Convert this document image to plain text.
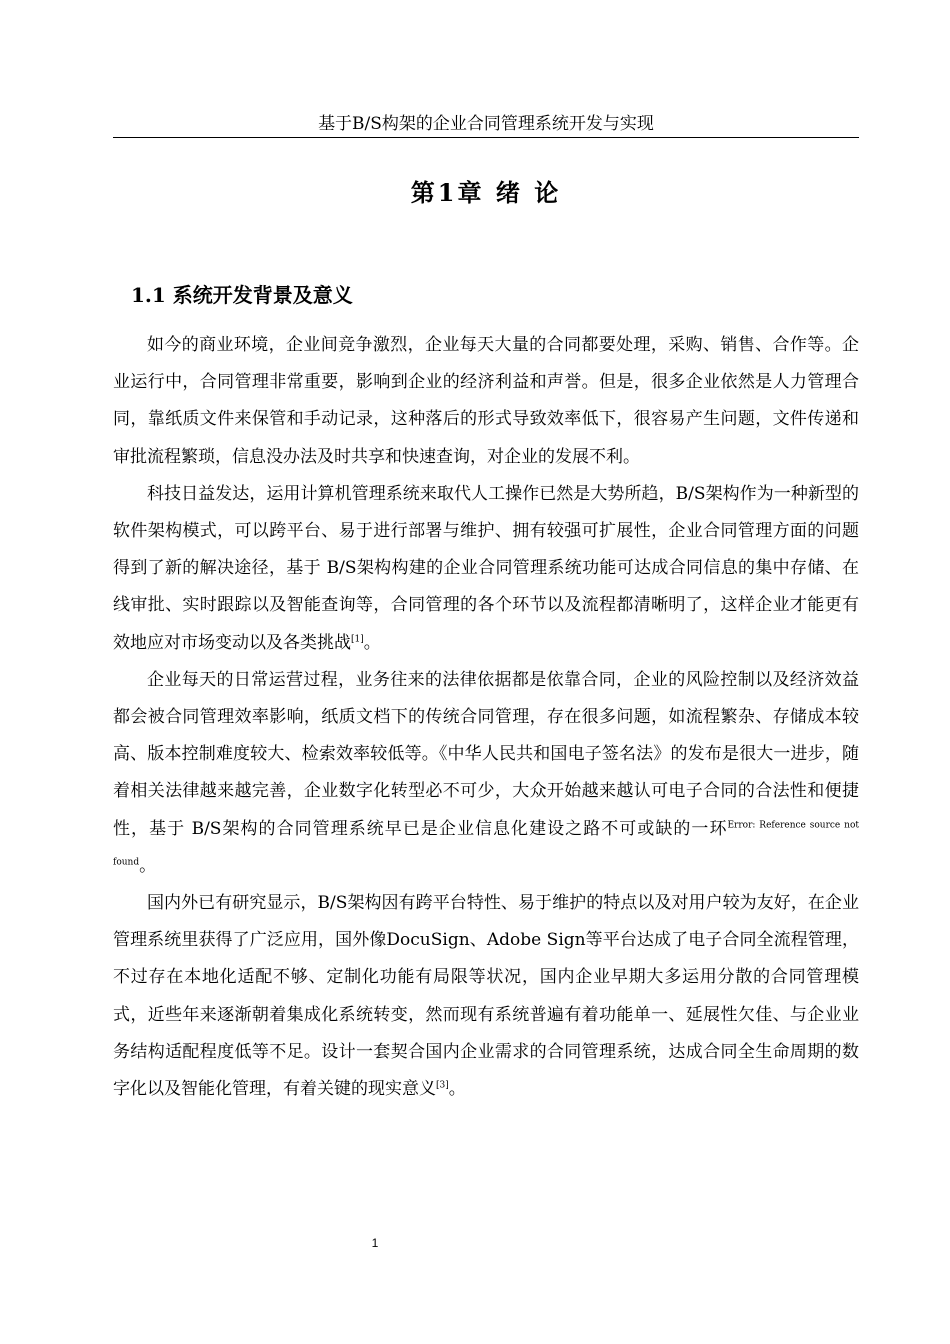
基于B/S构架的企业合同管理系统开发与实现
第1章 绪 论
1.1 系统开发背景及意义

如今的商业环境，企业间竞争激烈，企业每天大量的合同都要处理，采购、销售、合作等。企业运行中，合同管理非常重要，影响到企业的经济利益和声誉。但是，很多企业依然是人力管理合同，靠纸质文件来保管和手动记录，这种落后的形式导致效率低下，很容易产生问题，文件传递和审批流程繁琐，信息没办法及时共享和快速查询，对企业的发展不利。

科技日益发达，运用计算机管理系统来取代人工操作已然是大势所趋，B/S架构作为一种新型的软件架构模式，可以跨平台、易于进行部署与维护、拥有较强可扩展性，企业合同管理方面的问题得到了新的解决途径，基于 B/S架构构建的企业合同管理系统功能可达成合同信息的集中存储、在线审批、实时跟踪以及智能查询等，合同管理的各个环节以及流程都清晰明了，这样企业才能更有效地应对市场变动以及各类挑战[1]。

企业每天的日常运营过程，业务往来的法律依据都是依靠合同，企业的风险控制以及经济效益都会被合同管理效率影响，纸质文档下的传统合同管理，存在很多问题，如流程繁杂、存储成本较高、版本控制难度较大、检索效率较低等。《中华人民共和国电子签名法》的发布是很大一进步，随着相关法律越来越完善，企业数字化转型必不可少，大众开始越来越认可电子合同的合法性和便捷性，基于 B/S架构的合同管理系统早已是企业信息化建设之路不可或缺的一环$^{Error: Reference source not found}$。

国内外已有研究显示，B/S架构因有跨平台特性、易于维护的特点以及对用户较为友好，在企业管理系统里获得了广泛应用，国外像DocuSign、Adobe Sign等平台达成了电子合同全流程管理，不过存在本地化适配不够、定制化功能有局限等状况，国内企业早期大多运用分散的合同管理模式，近些年来逐渐朝着集成化系统转变，然而现有系统普遍有着功能单一、延展性欠佳、与企业业务结构适配程度低等不足。设计一套契合国内企业需求的合同管理系统，达成合同全生命周期的数字化以及智能化管理，有着关键的现实意义[3]。

1
